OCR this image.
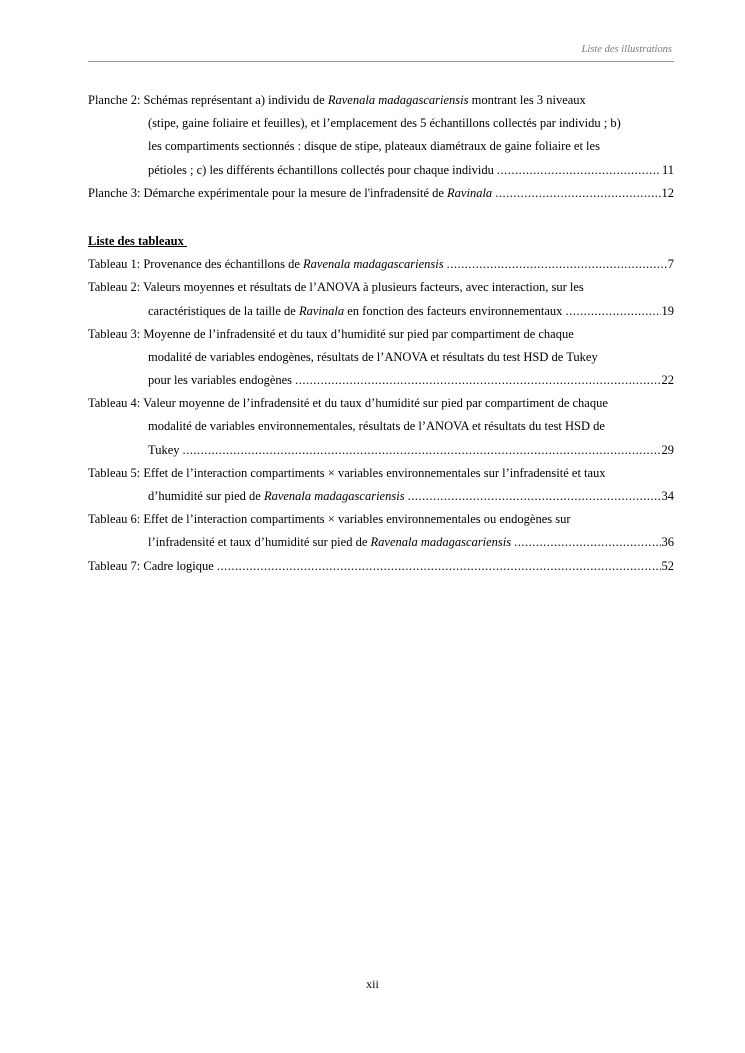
Liste des illustrations
Planche 2: Schémas représentant a) individu de Ravenala madagascariensis montrant les 3 niveaux
(stipe, gaine foliaire et feuilles), et l’emplacement des 5 échantillons collectés par individu ; b)
les compartiments sectionnés : disque de stipe, plateaux diamétraux de gaine foliaire et les
pétioles ; c) les différents échantillons collectés pour chaque individu .....	11
Planche 3: Démarche expérimentale pour la mesure de l'infradensité de Ravinala .....	12
Liste des tableaux
Tableau 1: Provenance des échantillons de Ravenala madagascariensis .....	7
Tableau 2: Valeurs moyennes et résultats de l’ANOVA à plusieurs facteurs, avec interaction, sur les
caractéristiques de la taille de Ravinala en fonction des facteurs environnementaux .....	19
Tableau 3: Moyenne de l’infradensité et du taux d’humidité sur pied par compartiment de chaque
modalité de variables endogènes, résultats de l’ANOVA et résultats du test HSD de Tukey
pour les variables endogènes .....	22
Tableau 4: Valeur moyenne de l’infradensité et du taux d’humidité sur pied par compartiment de chaque
modalité de variables environnementales, résultats de l’ANOVA et résultats du test HSD de
Tukey .....	29
Tableau 5: Effet de l’interaction compartiments × variables environnementales sur l’infradensité et taux
d’humidité sur pied de Ravenala madagascariensis .....	34
Tableau 6: Effet de l’interaction compartiments × variables environnementales ou endogènes sur
l’infradensité et taux d’humidité sur pied de Ravenala madagascariensis .....	36
Tableau 7: Cadre logique .....	52
xii
